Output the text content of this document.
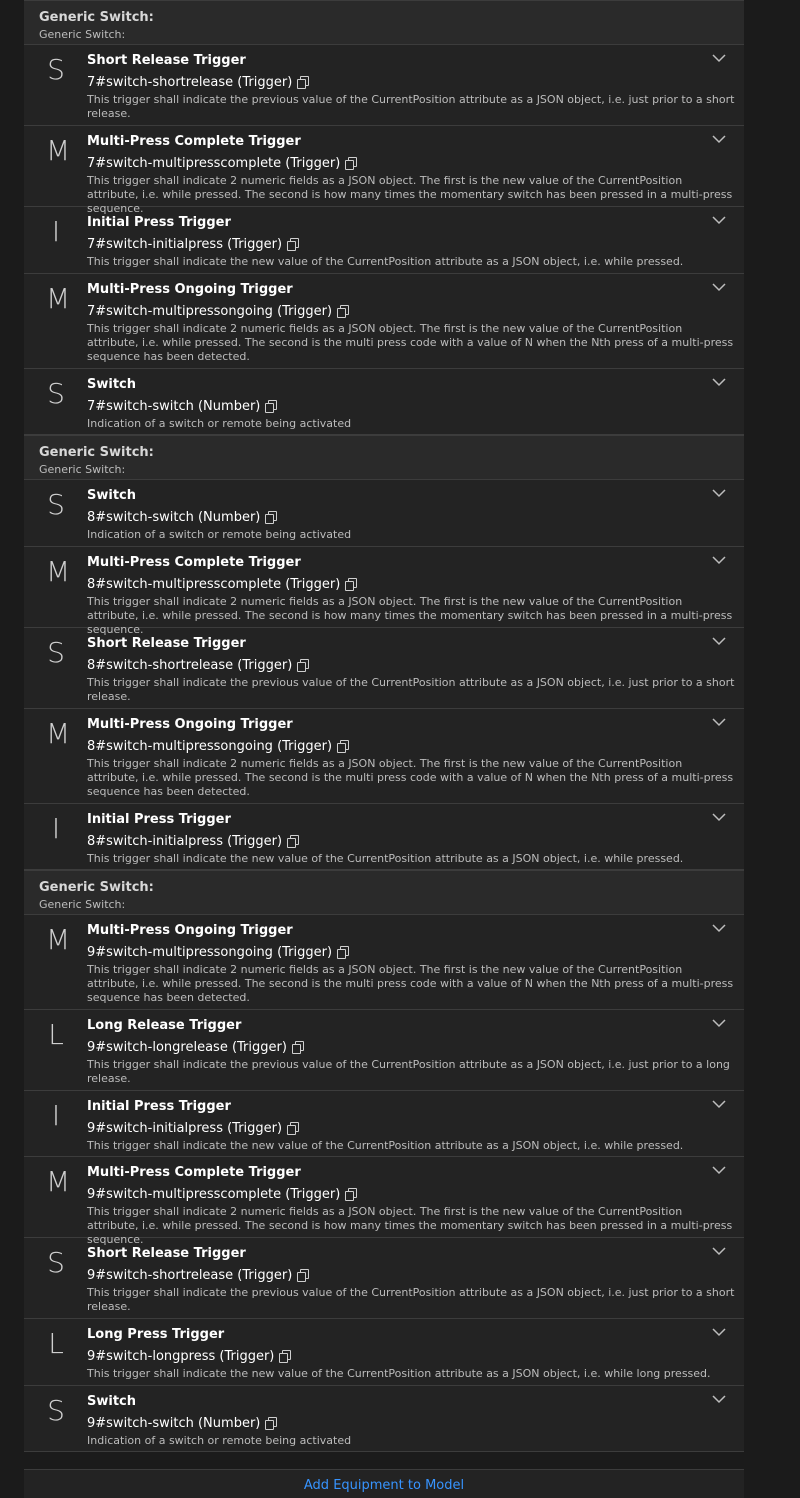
Generic Switch:
Generic Switch:
S Short Release Trigger
7#switch-shortrelease (Trigger)
This trigger shall indicate the previous value of the CurrentPosition attribute as a JSON object, i.e. just prior to a short release.
M Multi-Press Complete Trigger
7#switch-multipresscomplete (Trigger)
This trigger shall indicate 2 numeric fields as a JSON object. The first is the new value of the CurrentPosition attribute, i.e. while pressed. The second is how many times the momentary switch has been pressed in a multi-press sequence.
I	Initial Press Trigger
7#switch-initialpress (Trigger)
This trigger shall indicate the new value of the CurrentPosition attribute as a JSON object, i.e. while pressed.
M Multi-Press Ongoing Trigger
7#switch-multipressongoing (Trigger)
This trigger shall indicate 2 numeric fields as a JSON object. The first is the new value of the CurrentPosition attribute, i.e. while pressed. The second is the multi press code with a value of N when the Nth press of a multi-press sequence has been detected.
S Switch
7#switch-switch (Number)
Indication of a switch or remote being activated
Generic Switch:
Generic Switch:
S Switch
8#switch-switch (Number)
Indication of a switch or remote being activated
M Multi-Press Complete Trigger
8#switch-multipresscomplete (Trigger)
This trigger shall indicate 2 numeric fields as a JSON object. The first is the new value of the CurrentPosition attribute, i.e. while pressed. The second is how many times the momentary switch has been pressed in a multi-press sequence.
S Short Release Trigger
8#switch-shortrelease (Trigger)
This trigger shall indicate the previous value of the CurrentPosition attribute as a JSON object, i.e. just prior to a short release.
M Multi-Press Ongoing Trigger
8#switch-multipressongoing (Trigger)
This trigger shall indicate 2 numeric fields as a JSON object. The first is the new value of the CurrentPosition attribute, i.e. while pressed. The second is the multi press code with a value of N when the Nth press of a multi-press sequence has been detected.
I	Initial Press Trigger
8#switch-initialpress (Trigger)
This trigger shall indicate the new value of the CurrentPosition attribute as a JSON object, i.e. while pressed.
Generic Switch:
Generic Switch:
M Multi-Press Ongoing Trigger
9#switch-multipressongoing (Trigger)
This trigger shall indicate 2 numeric fields as a JSON object. The first is the new value of the CurrentPosition attribute, i.e. while pressed. The second is the multi press code with a value of N when the Nth press of a multi-press sequence has been detected.
L Long Release Trigger
9#switch-longrelease (Trigger)
This trigger shall indicate the previous value of the CurrentPosition attribute as a JSON object, i.e. just prior to a long release.
I	Initial Press Trigger
9#switch-initialpress (Trigger)
This trigger shall indicate the new value of the CurrentPosition attribute as a JSON object, i.e. while pressed.
M Multi-Press Complete Trigger
9#switch-multipresscomplete (Trigger)
This trigger shall indicate 2 numeric fields as a JSON object. The first is the new value of the CurrentPosition attribute, i.e. while pressed. The second is how many times the momentary switch has been pressed in a multi-press sequence.
S Short Release Trigger
9#switch-shortrelease (Trigger)
This trigger shall indicate the previous value of the CurrentPosition attribute as a JSON object, i.e. just prior to a short release.
L Long Press Trigger
9#switch-longpress (Trigger)
This trigger shall indicate the new value of the CurrentPosition attribute as a JSON object, i.e. while long pressed.
S Switch
9#switch-switch (Number)
Indication of a switch or remote being activated
Add Equipment to Model
